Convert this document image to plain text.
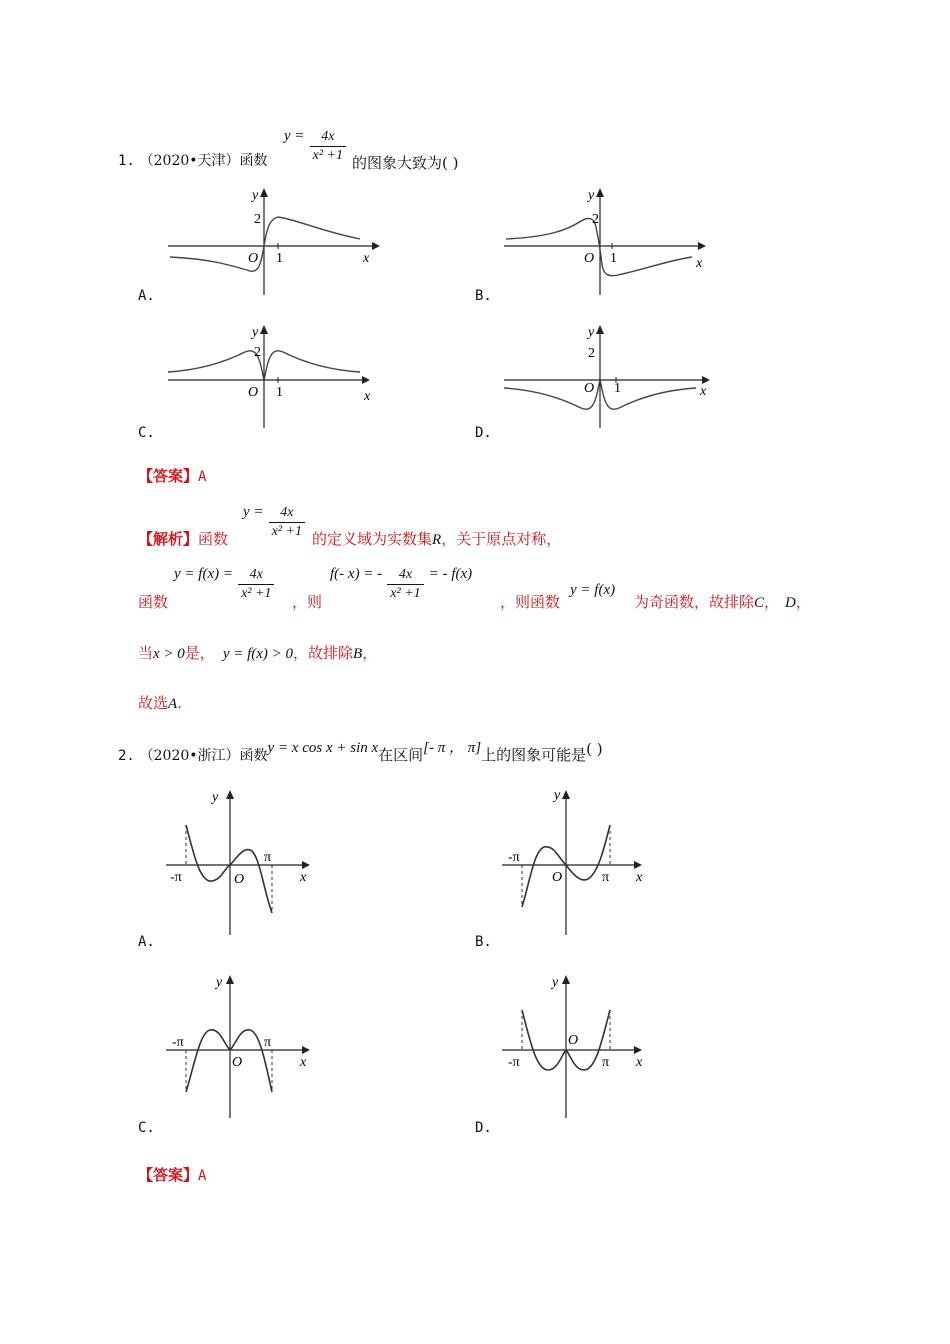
1. （2020•天津）函数
$y = \frac{4x}{\text{x² +1}}$ 的图象大致为( )
y
2
O 1	x
A.
y
2
O 1	x
B.
y
2
O 1	x
C.
y
2
O 1	x
D.
【答案】A
【解析】函数
$y = \frac{4x}{\text{x² +1}}$ 的定义域为实数集R，关于原点对称，
函数
$y = f(x) = \frac{4x}{\text{x² +1}}$ ，则
f(- x) = - $\frac{4x}{\text{x² +1}}$ = - f(x)
，则函数
y = f(x)
为奇函数，故排除C， D，
当x > 0是， y = f(x) > 0，故排除B，
故选A.
2. （2020•浙江）函数y = x cos x + sin x在区间[- π ， π]上的图象可能是( )
y
-π	O
π
x
A.
y
-π
O	π x
B.
y
-π
O
π
x
C.
y
-π
O
π x
D.
【答案】A
